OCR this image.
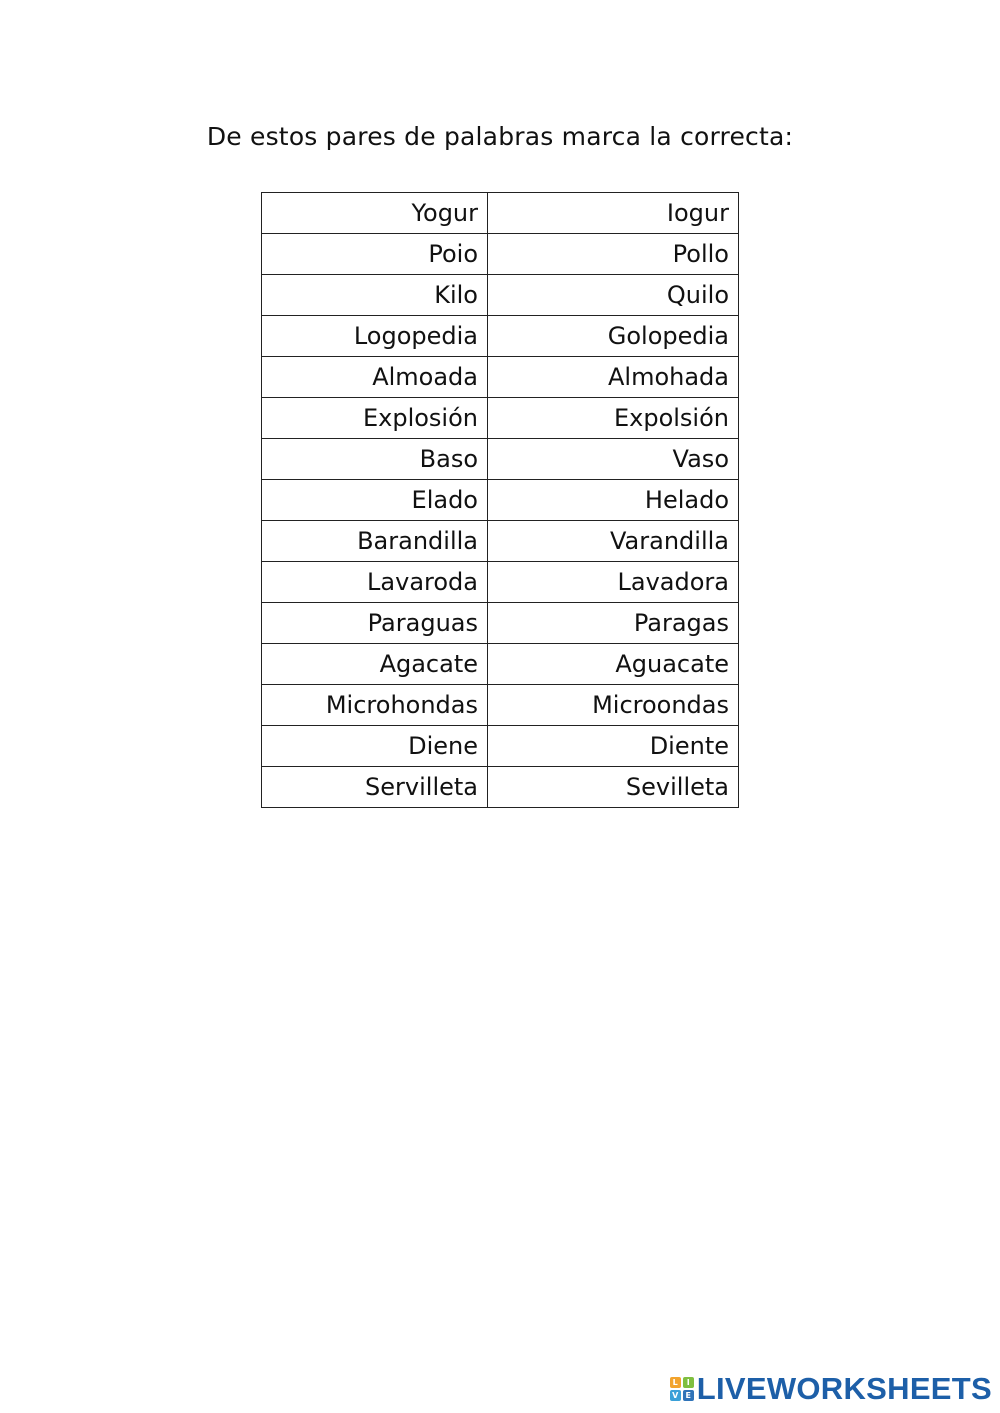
De estos pares de palabras marca la correcta:
Yogur	Iogur
Poio	Pollo
Kilo	Quilo
Logopedia	Golopedia
Almoada	Almohada
Explosión	Expolsión
Baso	Vaso
Elado	Helado
Barandilla	Varandilla
Lavaroda	Lavadora
Paraguas	Paragas
Agacate	Aguacate
Microhondas	Microondas
Diene	Diente
Servilleta	Sevilleta
L	I
V E LIVEWORKSHEETS
